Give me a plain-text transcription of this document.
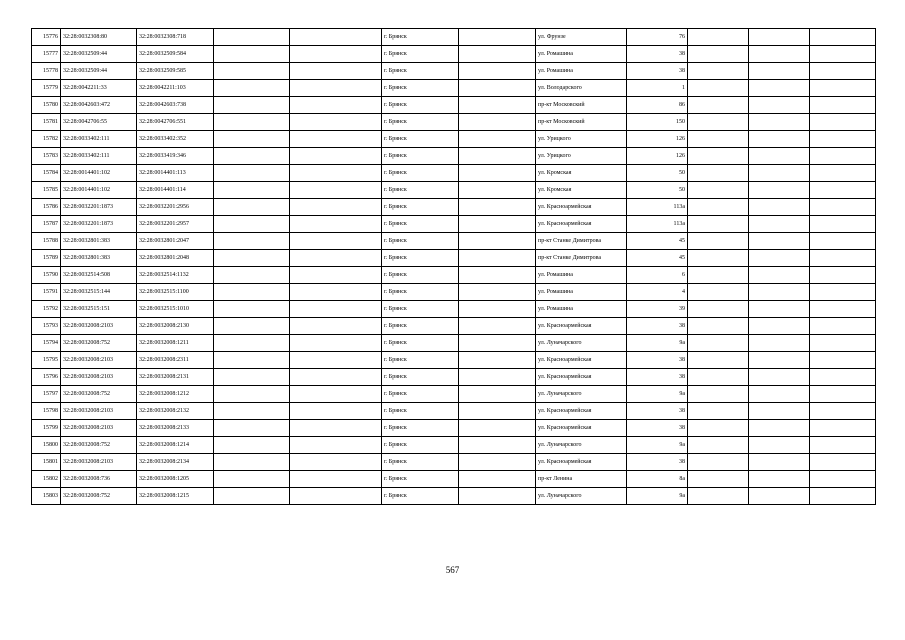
15776	32:28:0032308:80	32:28:0032308:718			г. Брянск		ул. Фрунзе	76			
15777	32:28:0032509:44	32:28:0032509:584			г. Брянск		ул. Ромашина	38			
15778	32:28:0032509:44	32:28:0032509:585			г. Брянск		ул. Ромашина	38			
15779	32:28:0042211:33	32:28:0042211:103			г. Брянск		ул. Володарского	1			
15780	32:28:0042603:472	32:28:0042603:738			г. Брянск		пр-кт Московский	86			
15781	32:28:0042706:55	32:28:0042706:551			г. Брянск		пр-кт Московский	150			
15782	32:28:0033402:111	32:28:0033402:352			г. Брянск		ул. Урицкого	126			
15783	32:28:0033402:111	32:28:0033419:346			г. Брянск		ул. Урицкого	126			
15784	32:28:0014401:102	32:28:0014401:113			г. Брянск		ул. Кромская	50			
15785	32:28:0014401:102	32:28:0014401:114			г. Брянск		ул. Кромская	50			
15786	32:28:0032201:1873	32:28:0032201:2956			г. Брянск		ул. Красноармейская	113а			
15787	32:28:0032201:1873	32:28:0032201:2957			г. Брянск		ул. Красноармейская	113а			
15788	32:28:0032801:383	32:28:0032801:2047			г. Брянск		пр-кт Станке Димитрова	45			
15789	32:28:0032801:383	32:28:0032801:2048			г. Брянск		пр-кт Станке Димитрова	45			
15790	32:28:0032514:508	32:28:0032514:1132			г. Брянск		ул. Ромашина	6			
15791	32:28:0032515:144	32:28:0032515:1100			г. Брянск		ул. Ромашина	4			
15792	32:28:0032515:151	32:28:0032515:1010			г. Брянск		ул. Ромашина	39			
15793	32:28:0032008:2103	32:28:0032008:2130			г. Брянск		ул. Красноармейская	38			
15794	32:28:0032008:752	32:28:0032008:1211			г. Брянск		ул. Луначарского	9а			
15795	32:28:0032008:2103	32:28:0032008:2311			г. Брянск		ул. Красноармейская	38			
15796	32:28:0032008:2103	32:28:0032008:2131			г. Брянск		ул. Красноармейская	38			
15797	32:28:0032008:752	32:28:0032008:1212			г. Брянск		ул. Луначарского	9а			
15798	32:28:0032008:2103	32:28:0032008:2132			г. Брянск		ул. Красноармейская	38			
15799	32:28:0032008:2103	32:28:0032008:2133			г. Брянск		ул. Красноармейская	38			
15800	32:28:0032008:752	32:28:0032008:1214			г. Брянск		ул. Луначарского	9а			
15801	32:28:0032008:2103	32:28:0032008:2134			г. Брянск		ул. Красноармейская	38			
15802	32:28:0032008:736	32:28:0032008:1205			г. Брянск		пр-кт Ленина	8а			
15803	32:28:0032008:752	32:28:0032008:1215			г. Брянск		ул. Луначарского	9а			
567
